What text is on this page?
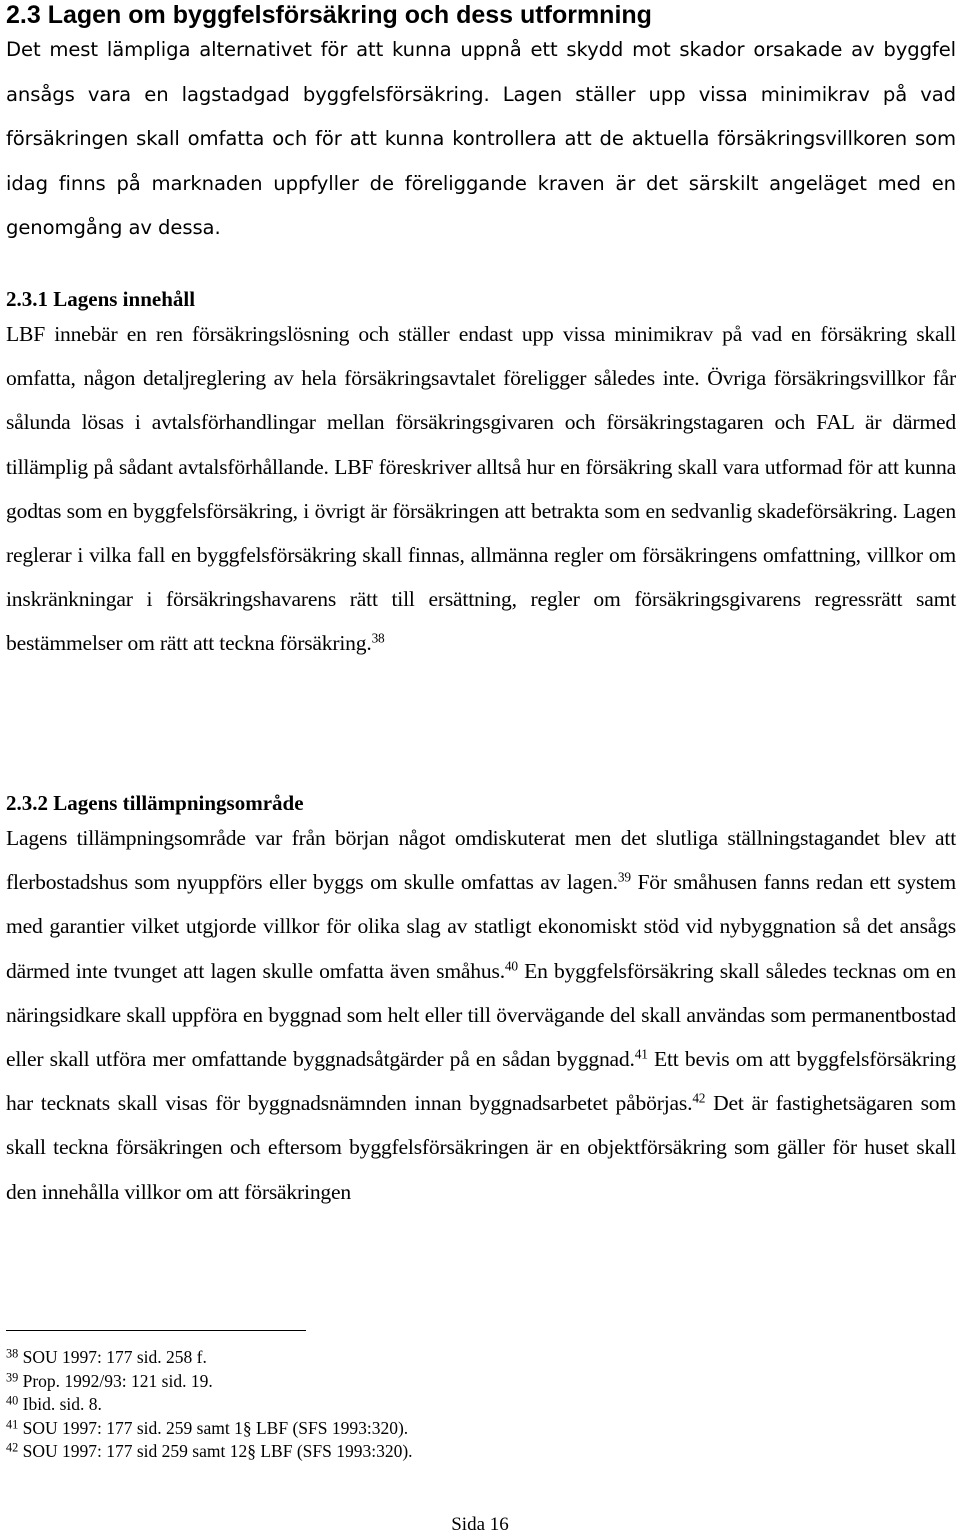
2.3 Lagen om byggfelsförsäkring och dess utformning

Det mest lämpliga alternativet för att kunna uppnå ett skydd mot skador orsakade av byggfel ansågs vara en lagstadgad byggfelsförsäkring. Lagen ställer upp vissa minimikrav på vad försäkringen skall omfatta och för att kunna kontrollera att de aktuella försäkringsvillkoren som idag finns på marknaden uppfyller de föreliggande kraven är det särskilt angeläget med en genomgång av dessa.

2.3.1 Lagens innehåll

LBF innebär en ren försäkringslösning och ställer endast upp vissa minimikrav på vad en försäkring skall omfatta, någon detaljreglering av hela försäkringsavtalet föreligger således inte. Övriga försäkringsvillkor får sålunda lösas i avtalsförhandlingar mellan försäkringsgivaren och försäkringstagaren och FAL är därmed tillämplig på sådant avtalsförhållande. LBF föreskriver alltså hur en försäkring skall vara utformad för att kunna godtas som en byggfelsförsäkring, i övrigt är försäkringen att betrakta som en sedvanlig skadeförsäkring. Lagen reglerar i vilka fall en byggfelsförsäkring skall finnas, allmänna regler om försäkringens omfattning, villkor om inskränkningar i försäkringshavarens rätt till ersättning, regler om försäkringsgivarens regressrätt samt bestämmelser om rätt att teckna försäkring.$^{38}$

2.3.2 Lagens tillämpningsområde

Lagens tillämpningsområde var från början något omdiskuterat men det slutliga ställningstagandet blev att flerbostadshus som nyuppförs eller byggs om skulle omfattas av lagen.$^{39}$ För småhusen fanns redan ett system med garantier vilket utgjorde villkor för olika slag av statligt ekonomiskt stöd vid nybyggnation så det ansågs därmed inte tvunget att lagen skulle omfatta även småhus.$^{40}$ En byggfelsförsäkring skall således tecknas om en näringsidkare skall uppföra en byggnad som helt eller till övervägande del skall användas som permanentbostad eller skall utföra mer omfattande byggnadsåtgärder på en sådan byggnad.$^{41}$ Ett bevis om att byggfelsförsäkring har tecknats skall visas för byggnadsnämnden innan byggnadsarbetet påbörjas.$^{42}$ Det är fastighetsägaren som skall teckna försäkringen och eftersom byggfelsförsäkringen är en objektförsäkring som gäller för huset skall den innehålla villkor om att försäkringen

$^{38}$ SOU 1997: 177 sid. 258 f.
$^{39}$ Prop. 1992/93: 121 sid. 19.
$^{40}$ Ibid. sid. 8.
$^{41}$ SOU 1997: 177 sid. 259 samt 1§ LBF (SFS 1993:320).
$^{42}$ SOU 1997: 177 sid 259 samt 12§ LBF (SFS 1993:320).
Sida 16
